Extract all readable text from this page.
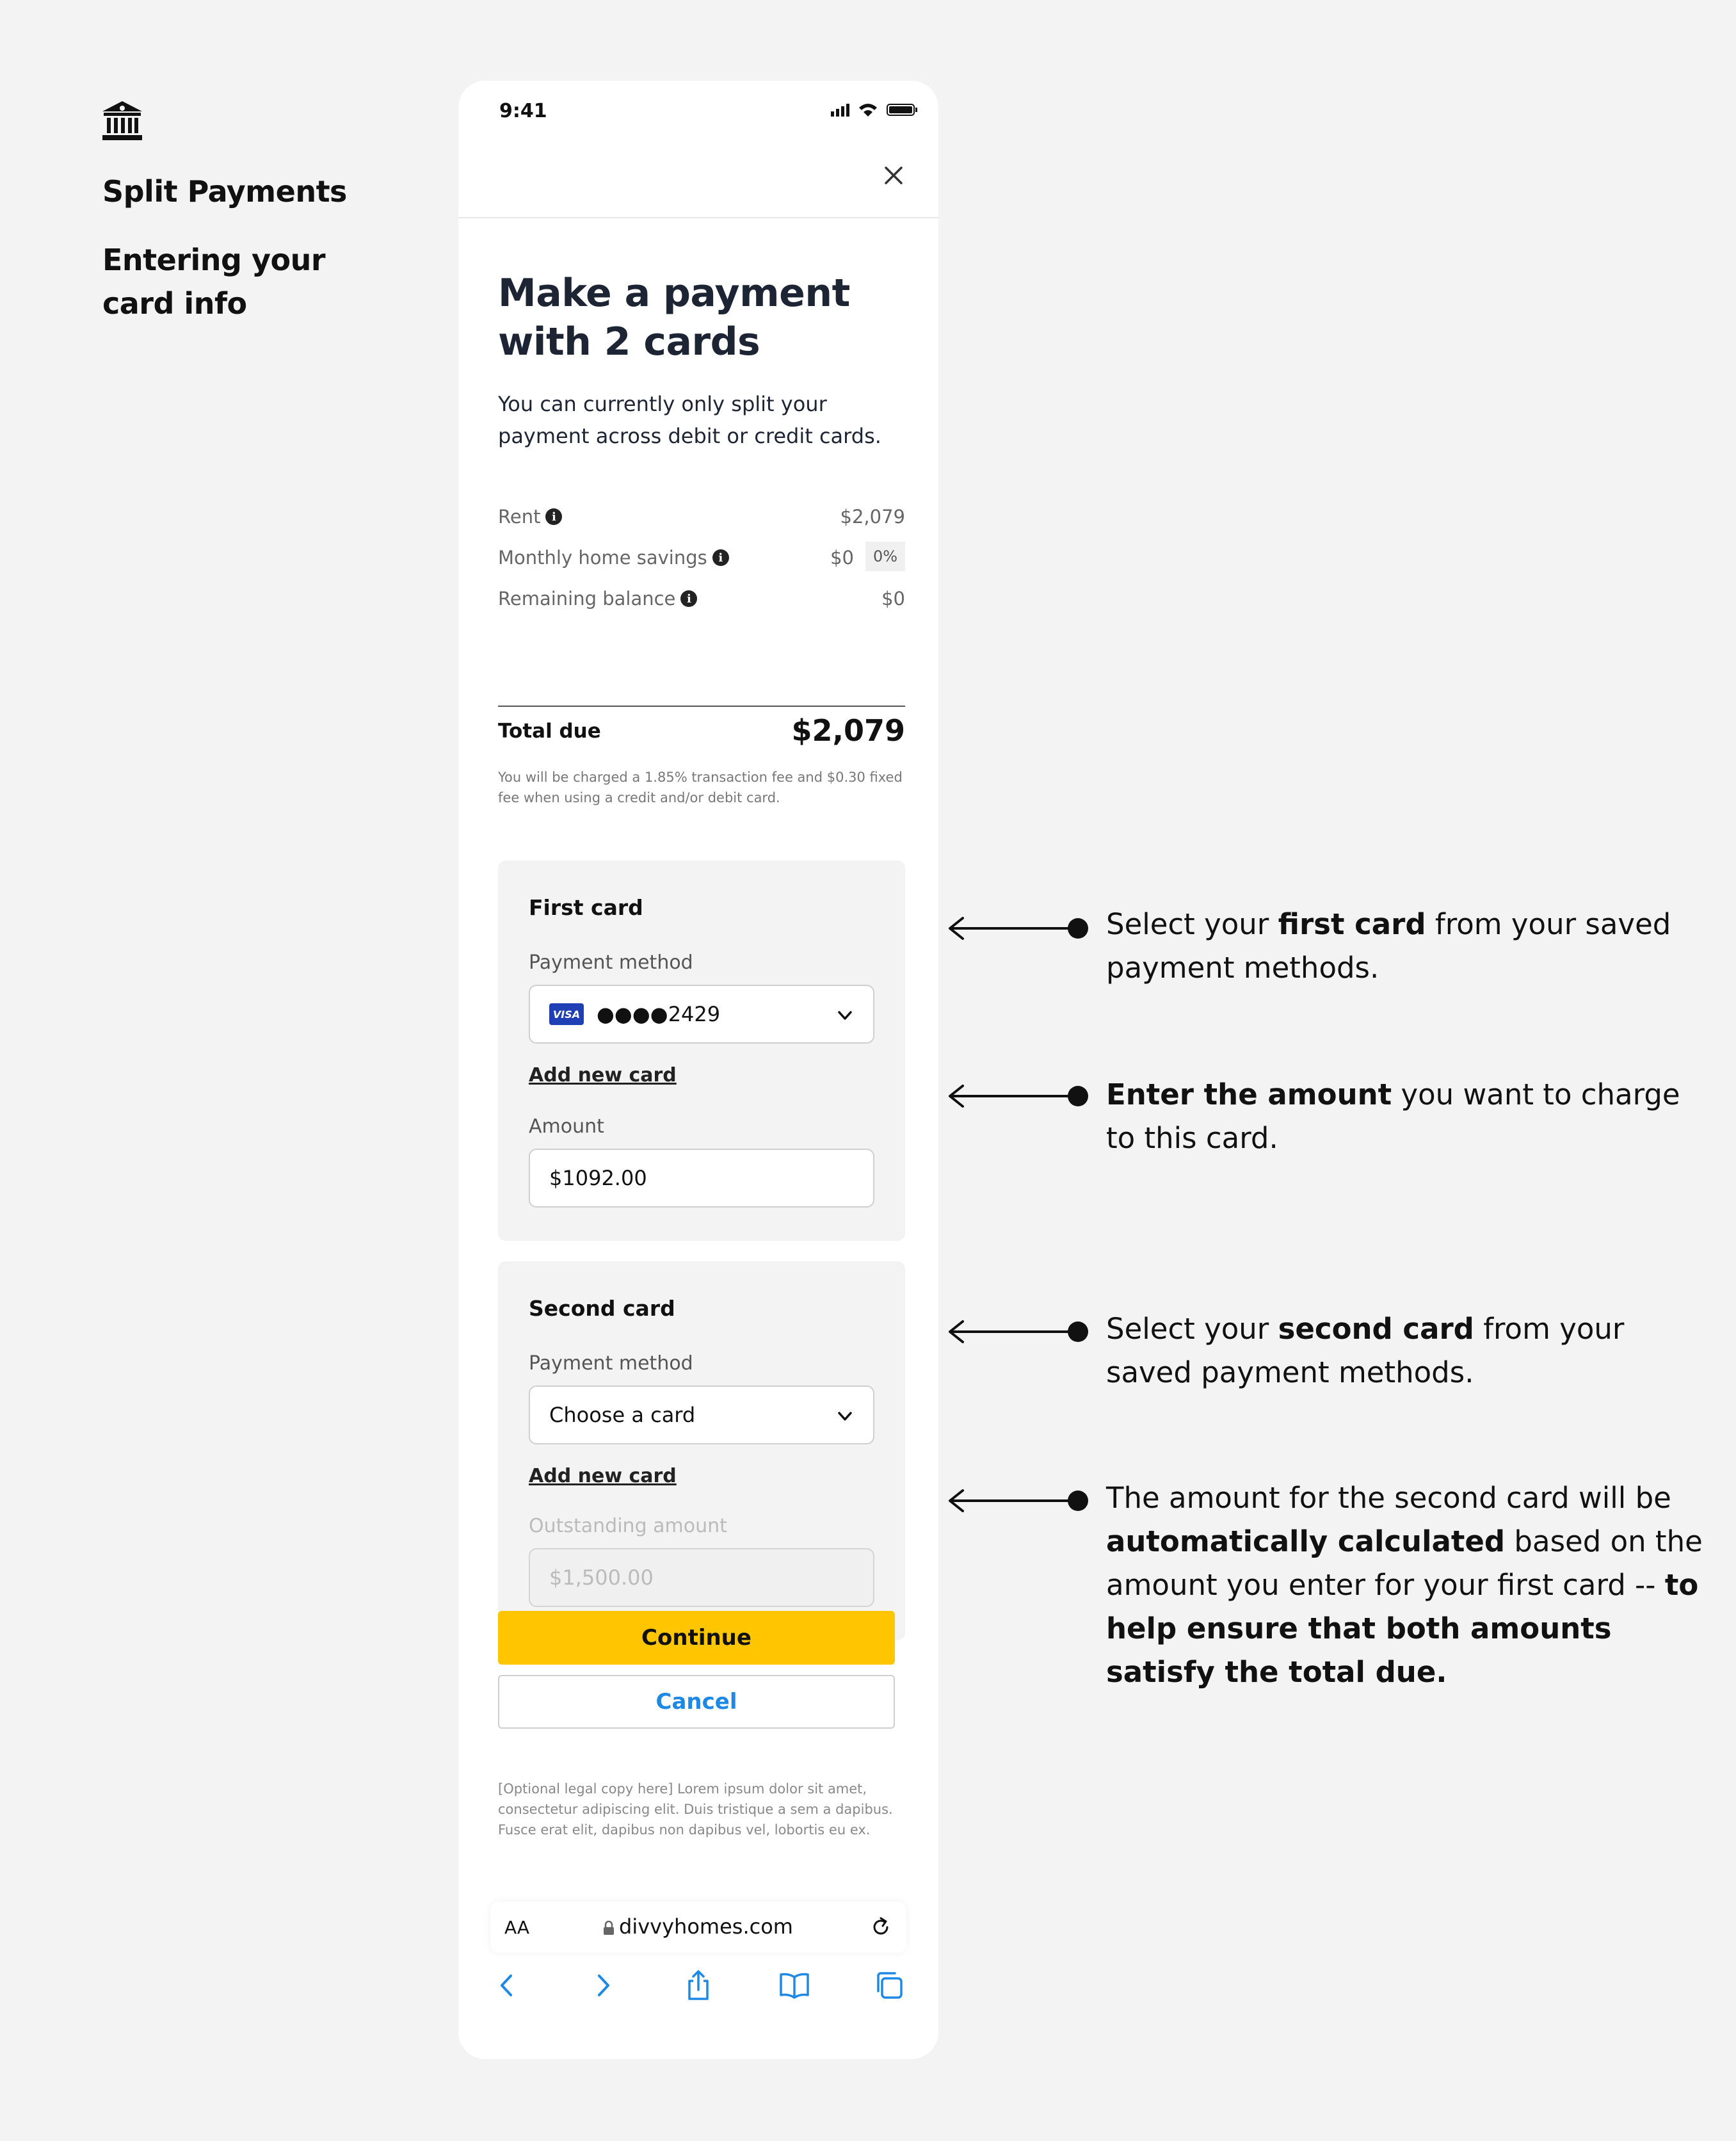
Split Payments
Entering your card info
9:41
Make a payment with 2 cards
You can currently only split your payment across debit or credit cards.
Rent i	$2,079
Monthly home savings i	$0	0%
Remaining balance i	$0
Total due	$2,079
You will be charged a 1.85% transaction fee and $0.30 fixed fee when using a credit and/or debit card.
First card
Payment method
VISA ●●●●2429
Add new card
Amount
$1092.00
Second card
Payment method
Choose a card
Add new card
Outstanding amount
$1,500.00
Continue
Cancel
[Optional legal copy here] Lorem ipsum dolor sit amet, consectetur adipiscing elit. Duis tristique a sem a dapibus. Fusce erat elit, dapibus non dapibus vel, lobortis eu ex.
AA	divvyhomes.com
Select your first card from your saved payment methods.
Enter the amount you want to charge to this card.
Select your second card from your saved payment methods.
The amount for the second card will be automatically calculated based on the amount you enter for your first card -- to help ensure that both amounts satisfy the total due.
